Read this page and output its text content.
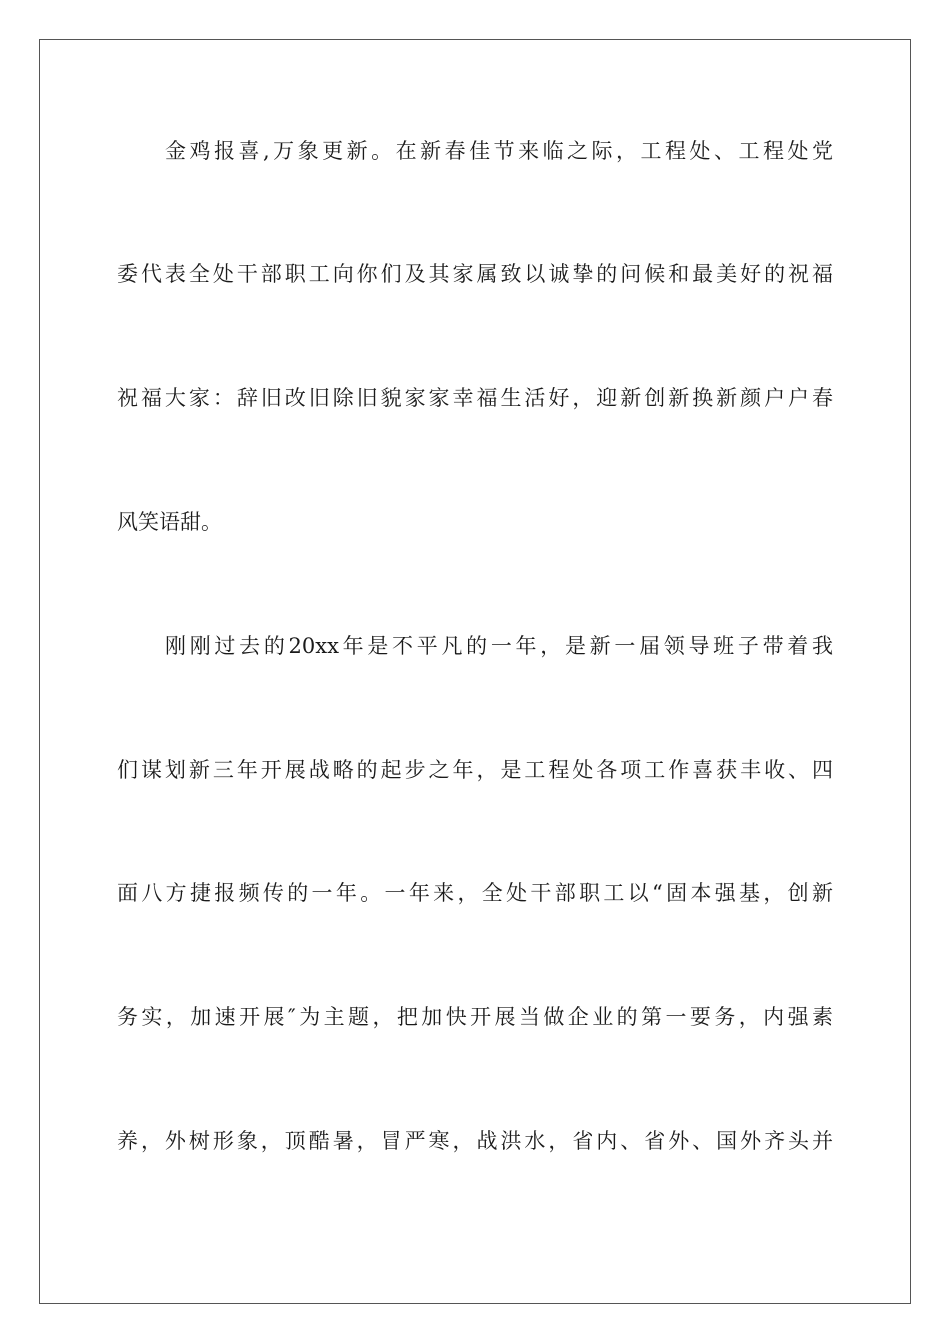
金鸡报喜,万象更新。在新春佳节来临之际，工程处、工程处党
委代表全处干部职工向你们及其家属致以诚挚的问候和最美好的祝福
祝福大家：辞旧改旧除旧貌家家幸福生活好，迎新创新换新颜户户春
风笑语甜。
刚刚过去的20xx年是不平凡的一年，是新一届领导班子带着我
们谋划新三年开展战略的起步之年，是工程处各项工作喜获丰收、四
面八方捷报频传的一年。一年来，全处干部职工以“固本强基，创新
务实，加速开展″为主题，把加快开展当做企业的第一要务，内强素
养，外树形象，顶酷暑，冒严寒，战洪水，省内、省外、国外齐头并
